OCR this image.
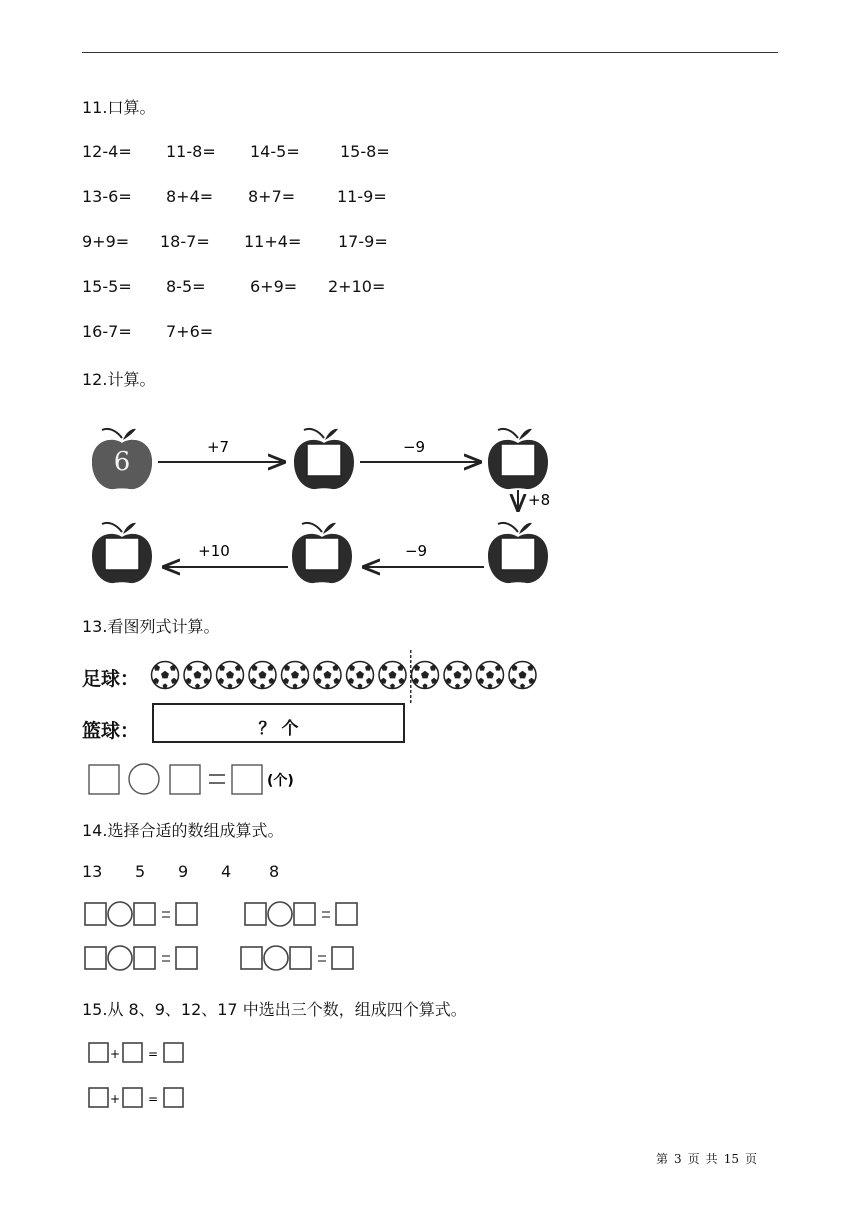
11.口算。
12-4= 11-8= 14-5=	15-8=
13-6= 8+4= 8+7=	11-9=
9+9= 18-7= 11+4= 17-9=
15-5= 8-5=	6+9= 2+10=
16-7= 7+6=
12.计算。
6	+7	−9
+8
−9
+10
13.看图列式计算。
足球：
篮球：	？ 个
(个)
14.选择合适的数组成算式。
13 5 9 4 8
15.从 8、9、12、17 中选出三个数，组成四个算式。
+ =
+ =
第 3 页 共 15 页
